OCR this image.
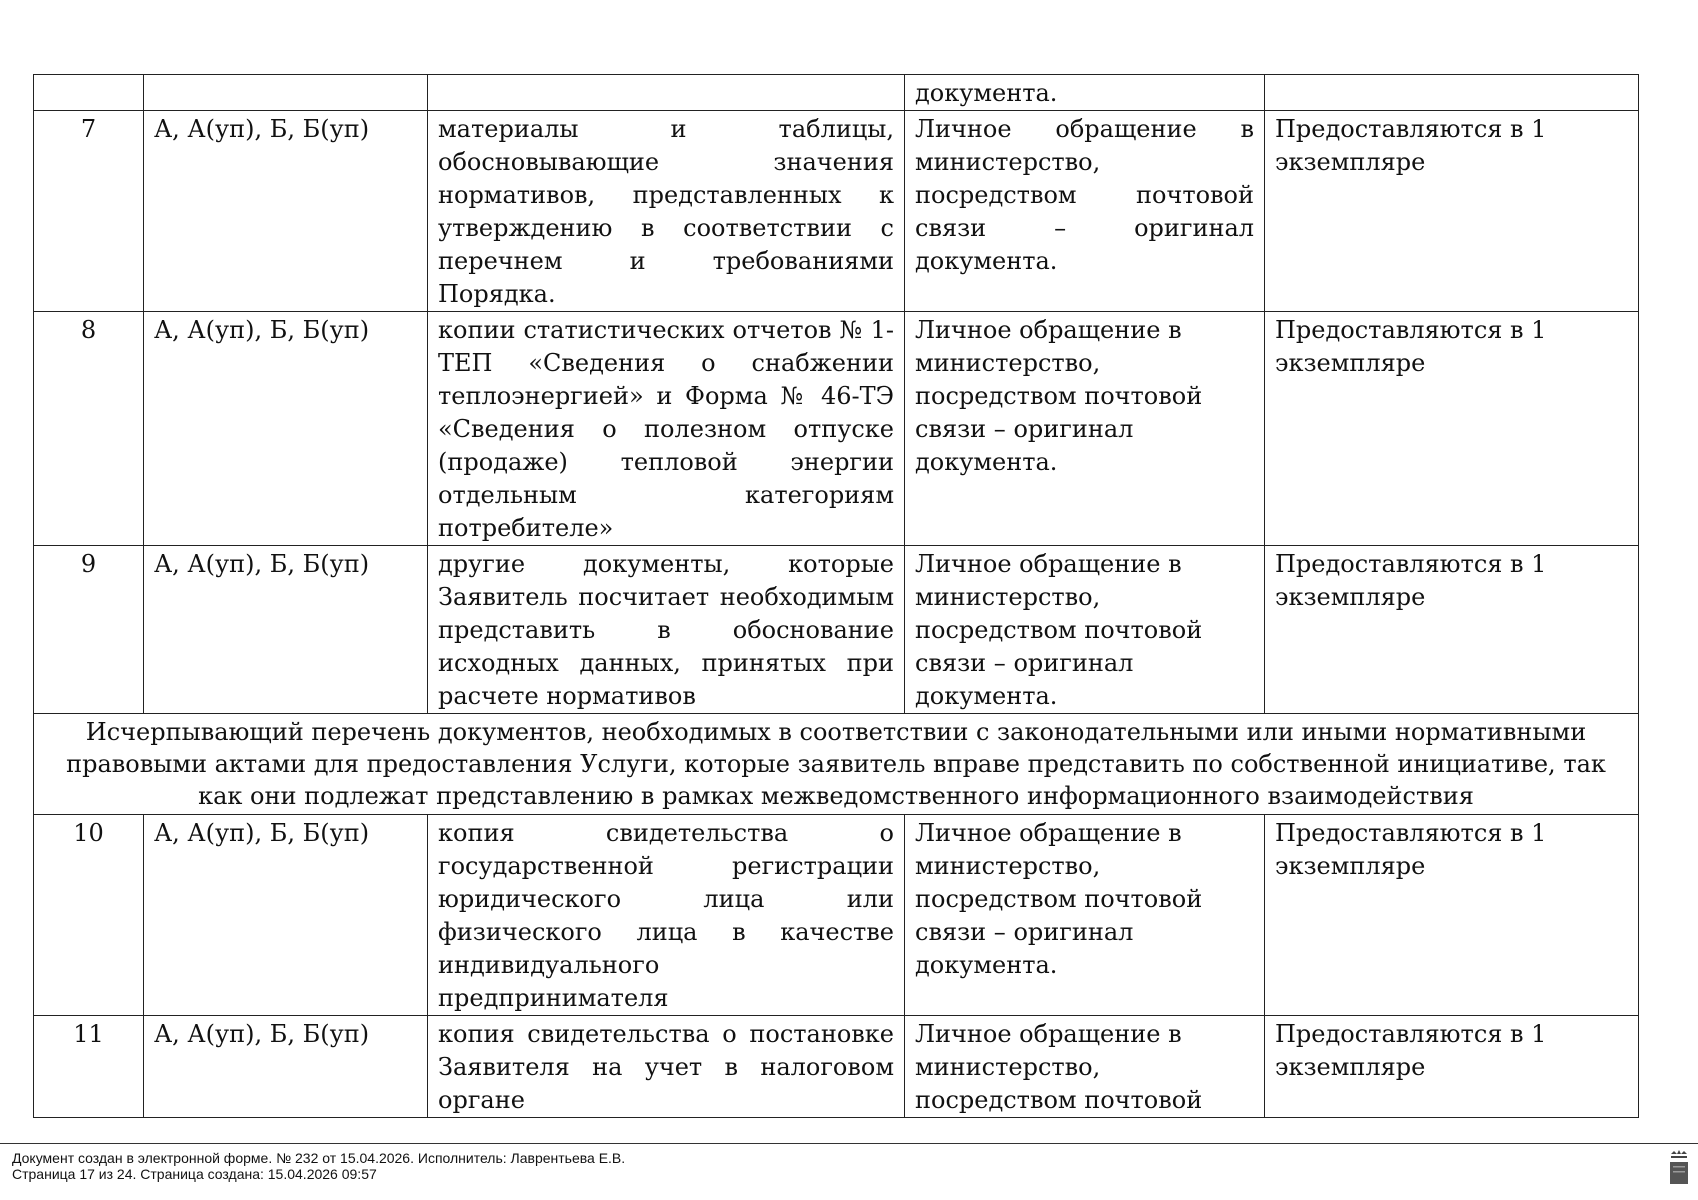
			документа.	
7	А, А(уп), Б, Б(уп)	материалы и таблицы, обосновывающие значения нормативов, представленных к утверждению в соответствии с перечнем и требованиями Порядка.	Личное обращение в министерство, посредством почтовой связи – оригинал документа.	Предоставляются в 1 экземпляре
8	А, А(уп), Б, Б(уп)	копии статистических отчетов № 1-ТЕП «Сведения о снабжении теплоэнергией» и Форма № 46-ТЭ «Сведения о полезном отпуске (продаже) тепловой энергии отдельным категориям потребителе»	Личное обращение в министерство, посредством почтовой связи – оригинал документа.	Предоставляются в 1 экземпляре
9	А, А(уп), Б, Б(уп)	другие документы, которые Заявитель посчитает необходимым представить в обоснование исходных данных, принятых при расчете нормативов	Личное обращение в министерство, посредством почтовой связи – оригинал документа.	Предоставляются в 1 экземпляре
Исчерпывающий перечень документов, необходимых в соответствии с законодательными или иными нормативными правовыми актами для предоставления Услуги, которые заявитель вправе представить по собственной инициативе, так как они подлежат представлению в рамках межведомственного информационного взаимодействия				
10	А, А(уп), Б, Б(уп)	копия свидетельства о государственной регистрации юридического лица или физического лица в качестве индивидуального предпринимателя	Личное обращение в министерство, посредством почтовой связи – оригинал документа.	Предоставляются в 1 экземпляре
11	А, А(уп), Б, Б(уп)	копия свидетельства о постановке Заявителя на учет в налоговом органе	Личное обращение в министерство, посредством почтовой	Предоставляются в 1 экземпляре
Документ создан в электронной форме. № 232 от 15.04.2026. Исполнитель: Лаврентьева Е.В.
Страница 17 из 24. Страница создана: 15.04.2026 09:57
